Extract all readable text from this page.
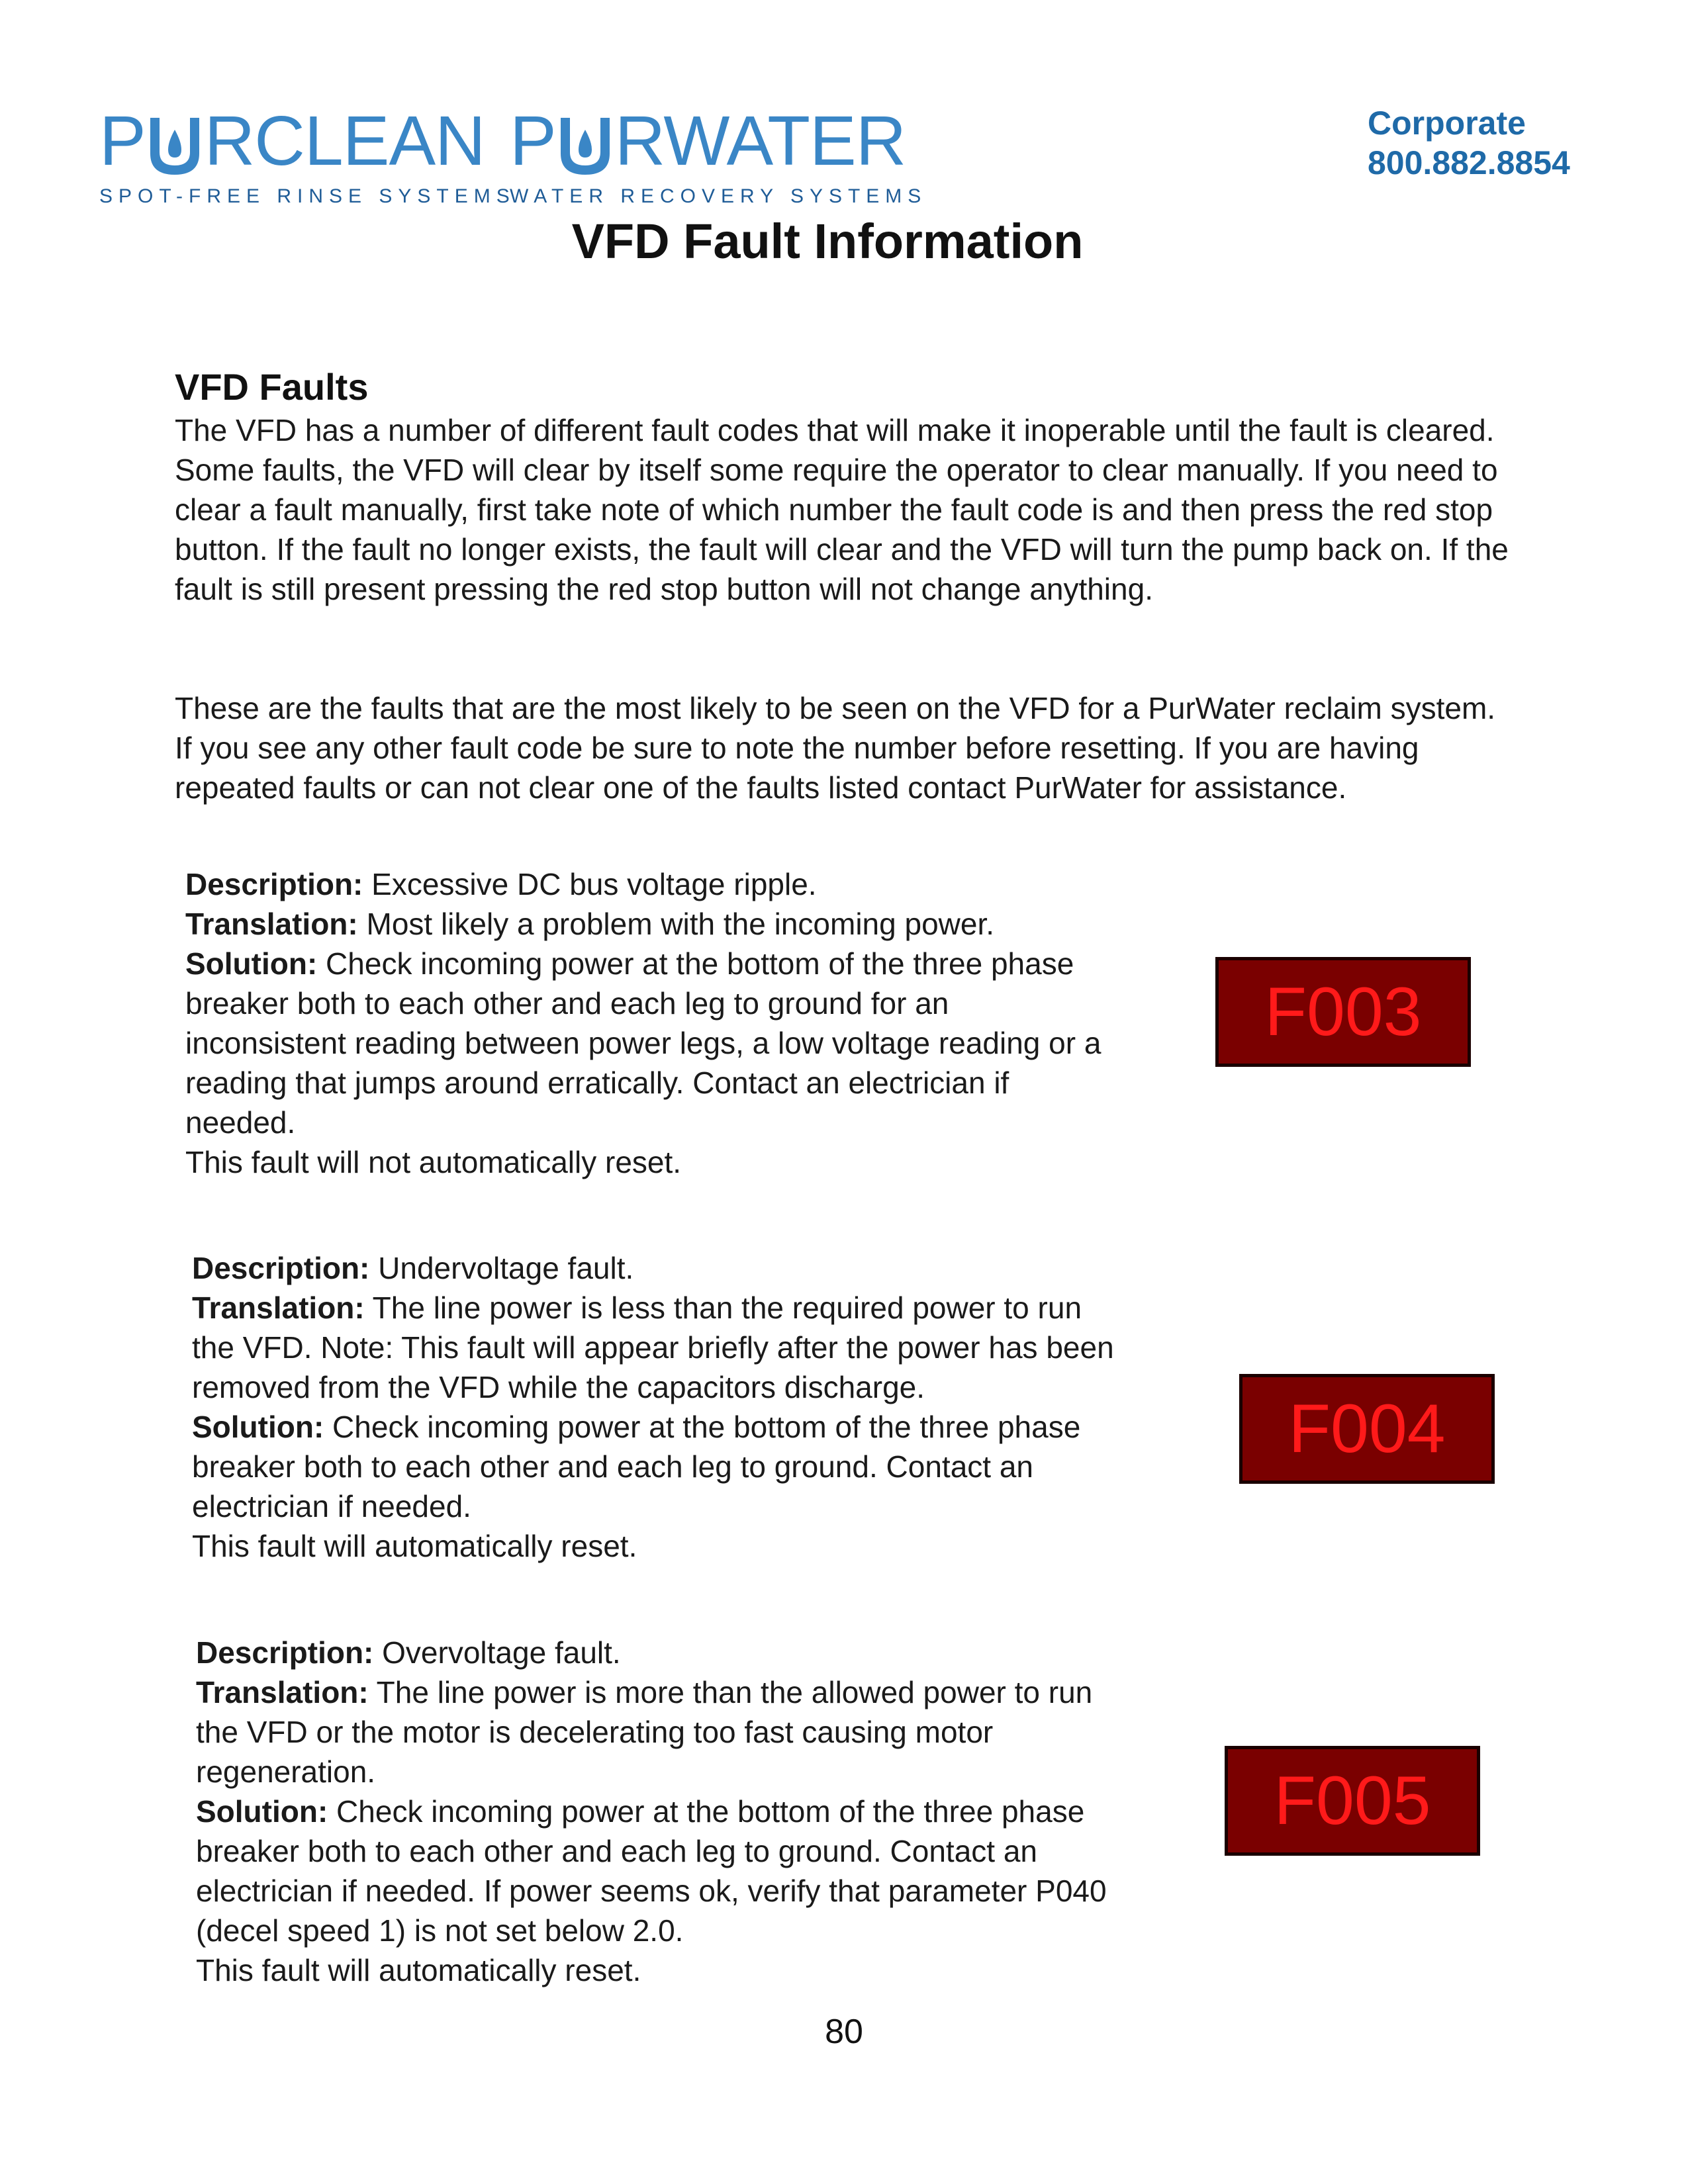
P RCLEAN
SPOT-FREE RINSE SYSTEMS
P RWATER
WATER RECOVERY SYSTEMS
Corporate
800.882.8854
VFD Fault Information
VFD Faults
The VFD has a number of different fault codes that will make it inoperable until the fault is cleared. Some faults, the VFD will clear by itself some require the operator to clear manually. If you need to clear a fault manually, first take note of which number the fault code is and then press the red stop button. If the fault no longer exists, the fault will clear and the VFD will turn the pump back on. If the fault is still present pressing the red stop button will not change anything.
These are the faults that are the most likely to be seen on the VFD for a PurWater reclaim system. If you see any other fault code be sure to note the number before resetting. If you are having repeated faults or can not clear one of the faults listed contact PurWater for assistance.
Description: Excessive DC bus voltage ripple.
Translation: Most likely a problem with the incoming power.
Solution: Check incoming power at the bottom of the three phase breaker both to each other and each leg to ground for an inconsistent reading between power legs, a low voltage reading or a reading that jumps around erratically. Contact an electrician if needed.
This fault will not automatically reset.
F003
Description: Undervoltage fault.
Translation: The line power is less than the required power to run the VFD. Note: This fault will appear briefly after the power has been removed from the VFD while the capacitors discharge.
Solution: Check incoming power at the bottom of the three phase breaker both to each other and each leg to ground. Contact an electrician if needed.
This fault will automatically reset.
F004
Description: Overvoltage fault.
Translation: The line power is more than the allowed power to run the VFD or the motor is decelerating too fast causing motor regeneration.
Solution: Check incoming power at the bottom of the three phase breaker both to each other and each leg to ground. Contact an electrician if needed. If power seems ok, verify that parameter P040 (decel speed 1) is not set below 2.0.
This fault will automatically reset.
F005
80
